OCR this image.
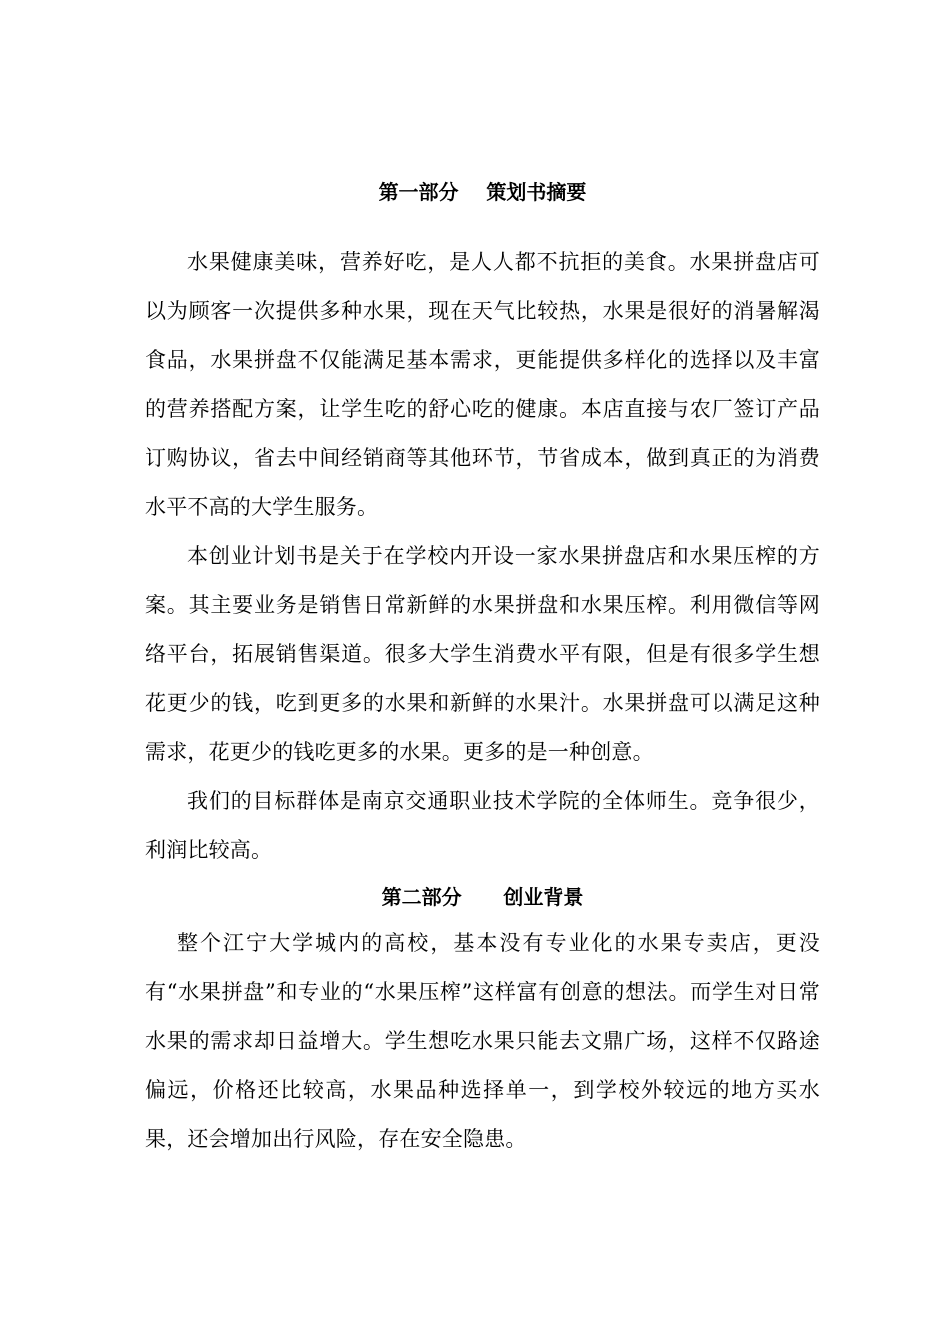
第一部分    策划书摘要

水果健康美味，营养好吃，是人人都不抗拒的美食。水果拼盘店可以为顾客一次提供多种水果，现在天气比较热，水果是很好的消暑解渴食品，水果拼盘不仅能满足基本需求，更能提供多样化的选择以及丰富的营养搭配方案，让学生吃的舒心吃的健康。本店直接与农厂签订产品订购协议，省去中间经销商等其他环节，节省成本，做到真正的为消费水平不高的大学生服务。

本创业计划书是关于在学校内开设一家水果拼盘店和水果压榨的方案。其主要业务是销售日常新鲜的水果拼盘和水果压榨。利用微信等网络平台，拓展销售渠道。很多大学生消费水平有限，但是有很多学生想花更少的钱，吃到更多的水果和新鲜的水果汁。水果拼盘可以满足这种需求，花更少的钱吃更多的水果。更多的是一种创意。

我们的目标群体是南京交通职业技术学院的全体师生。竞争很少，利润比较高。

第二部分      创业背景

整个江宁大学城内的高校，基本没有专业化的水果专卖店，更没有“水果拼盘”和专业的“水果压榨”这样富有创意的想法。而学生对日常水果的需求却日益增大。学生想吃水果只能去文鼎广场，这样不仅路途偏远，价格还比较高，水果品种选择单一，到学校外较远的地方买水果，还会增加出行风险，存在安全隐患。
